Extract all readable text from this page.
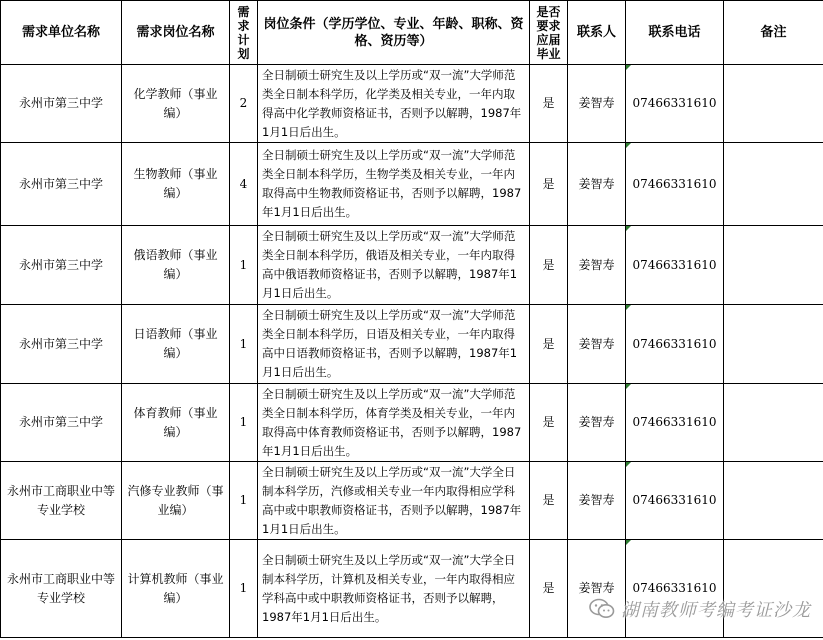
需求单位名称	需求岗位名称	需求计划	岗位条件（学历学位、专业、年龄、职称、资格、资历等）	是否要求应届毕业	联系人	联系电话	备注
永州市第三中学	化学教师（事业编）	2	全日制硕士研究生及以上学历或“双一流”大学师范类全日制本科学历，化学类及相关专业，一年内取得高中化学教师资格证书，否则予以解聘，1987年1月1日后出生。	是	姜智寿	07466331610	
永州市第三中学	生物教师（事业编）	4	全日制硕士研究生及以上学历或“双一流”大学师范类全日制本科学历，生物学类及相关专业，一年内取得高中生物教师资格证书，否则予以解聘，1987年1月1日后出生。	是	姜智寿	07466331610	
永州市第三中学	俄语教师（事业编）	1	全日制硕士研究生及以上学历或“双一流”大学师范类全日制本科学历，俄语及相关专业，一年内取得高中俄语教师资格证书，否则予以解聘，1987年1月1日后出生。	是	姜智寿	07466331610	
永州市第三中学	日语教师（事业编）	1	全日制硕士研究生及以上学历或“双一流”大学师范类全日制本科学历，日语及相关专业，一年内取得高中日语教师资格证书，否则予以解聘，1987年1月1日后出生。	是	姜智寿	07466331610	
永州市第三中学	体育教师（事业编）	1	全日制硕士研究生及以上学历或“双一流”大学师范类全日制本科学历，体育学类及相关专业，一年内取得高中体育教师资格证书，否则予以解聘，1987年1月1日后出生。	是	姜智寿	07466331610	
永州市工商职业中等专业学校	汽修专业教师（事业编）	1	全日制硕士研究生及以上学历或“双一流”大学全日制本科学历，汽修或相关专业一年内取得相应学科高中或中职教师资格证书，否则予以解聘，1987年1月1日后出生。	是	姜智寿	07466331610	
永州市工商职业中等专业学校	计算机教师（事业编）	1	全日制硕士研究生及以上学历或“双一流”大学全日制本科学历，计算机及相关专业，一年内取得相应学科高中或中职教师资格证书，否则予以解聘，1987年1月1日后出生。	是	姜智寿	07466331610	
湖南教师考编考证沙龙
